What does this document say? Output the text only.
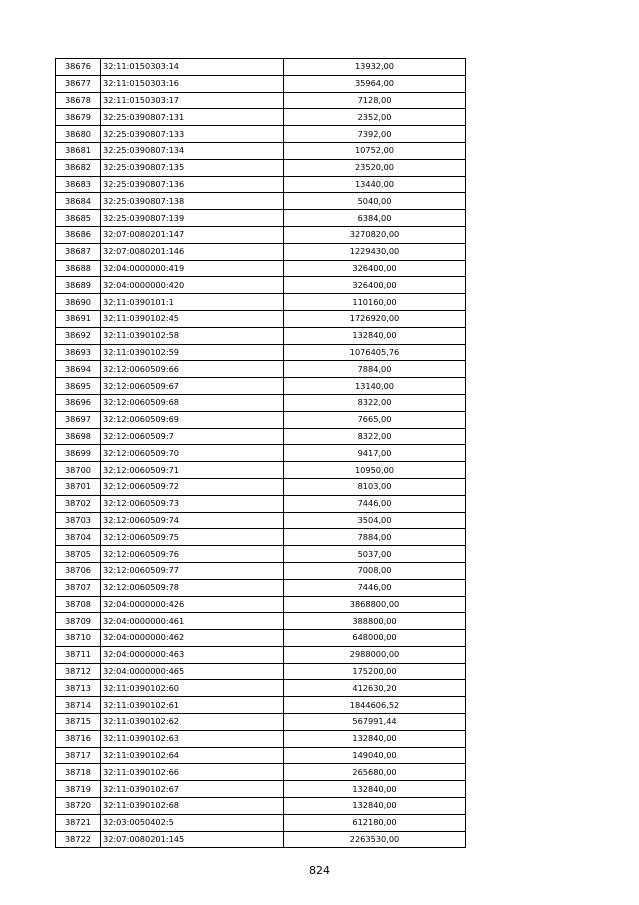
38676	32:11:0150303:14	13932,00
38677	32:11:0150303:16	35964,00
38678	32:11:0150303:17	7128,00
38679	32:25:0390807:131	2352,00
38680	32:25:0390807:133	7392,00
38681	32:25:0390807:134	10752,00
38682	32:25:0390807:135	23520,00
38683	32:25:0390807:136	13440,00
38684	32:25:0390807:138	5040,00
38685	32:25:0390807:139	6384,00
38686	32:07:0080201:147	3270820,00
38687	32:07:0080201:146	1229430,00
38688	32:04:0000000:419	326400,00
38689	32:04:0000000:420	326400,00
38690	32:11:0390101:1	110160,00
38691	32:11:0390102:45	1726920,00
38692	32:11:0390102:58	132840,00
38693	32:11:0390102:59	1076405,76
38694	32:12:0060509:66	7884,00
38695	32:12:0060509:67	13140,00
38696	32:12:0060509:68	8322,00
38697	32:12:0060509:69	7665,00
38698	32:12:0060509:7	8322,00
38699	32:12:0060509:70	9417,00
38700	32:12:0060509:71	10950,00
38701	32:12:0060509:72	8103,00
38702	32:12:0060509:73	7446,00
38703	32:12:0060509:74	3504,00
38704	32:12:0060509:75	7884,00
38705	32:12:0060509:76	5037,00
38706	32:12:0060509:77	7008,00
38707	32:12:0060509:78	7446,00
38708	32:04:0000000:426	3868800,00
38709	32:04:0000000:461	388800,00
38710	32:04:0000000:462	648000,00
38711	32:04:0000000:463	2988000,00
38712	32:04:0000000:465	175200,00
38713	32:11:0390102:60	412630,20
38714	32:11:0390102:61	1844606,52
38715	32:11:0390102:62	567991,44
38716	32:11:0390102:63	132840,00
38717	32:11:0390102:64	149040,00
38718	32:11:0390102:66	265680,00
38719	32:11:0390102:67	132840,00
38720	32:11:0390102:68	132840,00
38721	32:03:0050402:5	612180,00
38722	32:07:0080201:145	2263530,00
824
